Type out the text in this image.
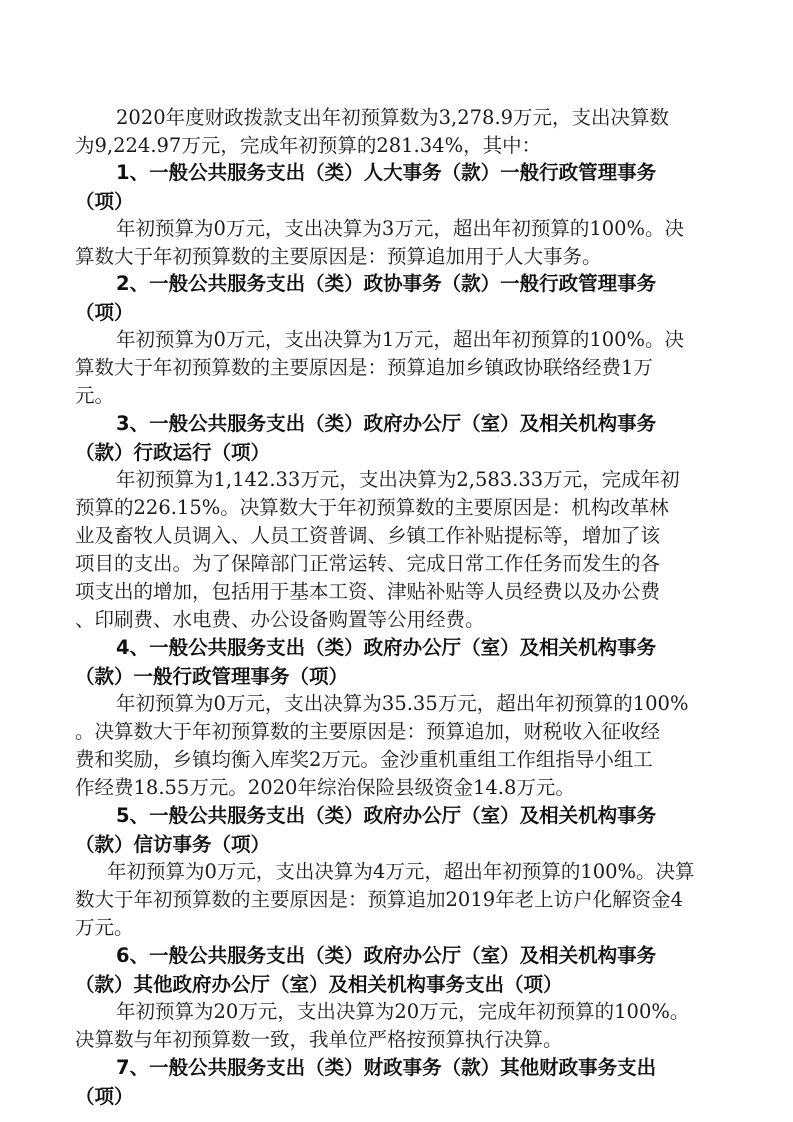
2020年度财政拨款支出年初预算数为3,278.9万元，支出决算数
为9,224.97万元，完成年初预算的281.34%，其中：
1、一般公共服务支出（类）人大事务（款）一般行政管理事务
（项）
年初预算为0万元，支出决算为3万元，超出年初预算的100%。决
算数大于年初预算数的主要原因是：预算追加用于人大事务。
2、一般公共服务支出（类）政协事务（款）一般行政管理事务
（项）
年初预算为0万元，支出决算为1万元，超出年初预算的100%。决
算数大于年初预算数的主要原因是：预算追加乡镇政协联络经费1万
元。
3、一般公共服务支出（类）政府办公厅（室）及相关机构事务
（款）行政运行（项）
年初预算为1,142.33万元，支出决算为2,583.33万元，完成年初
预算的226.15%。决算数大于年初预算数的主要原因是：机构改革林
业及畜牧人员调入、人员工资普调、乡镇工作补贴提标等，增加了该
项目的支出。为了保障部门正常运转、完成日常工作任务而发生的各
项支出的增加，包括用于基本工资、津贴补贴等人员经费以及办公费
、印刷费、水电费、办公设备购置等公用经费。
4、一般公共服务支出（类）政府办公厅（室）及相关机构事务
（款）一般行政管理事务（项）
年初预算为0万元，支出决算为35.35万元，超出年初预算的100%
。决算数大于年初预算数的主要原因是：预算追加，财税收入征收经
费和奖励，乡镇均衡入库奖2万元。金沙重机重组工作组指导小组工
作经费18.55万元。2020年综治保险县级资金14.8万元。
5、一般公共服务支出（类）政府办公厅（室）及相关机构事务
（款）信访事务（项）
年初预算为0万元，支出决算为4万元，超出年初预算的100%。决算
数大于年初预算数的主要原因是：预算追加2019年老上访户化解资金4
万元。
6、一般公共服务支出（类）政府办公厅（室）及相关机构事务
（款）其他政府办公厅（室）及相关机构事务支出（项）
年初预算为20万元，支出决算为20万元，完成年初预算的100%。
决算数与年初预算数一致，我单位严格按预算执行决算。
7、一般公共服务支出（类）财政事务（款）其他财政事务支出
（项）
